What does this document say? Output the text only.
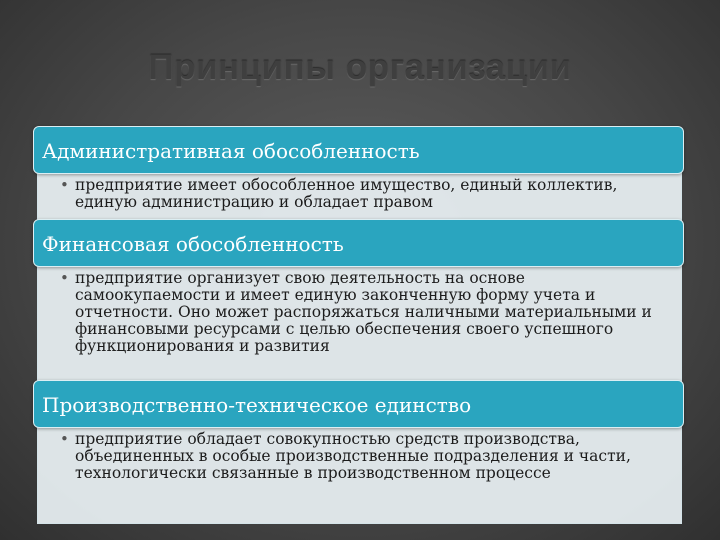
Принципы организации
Административная обособленность
• предприятие имеет обособленное имущество, единый коллектив, единую администрацию и обладает правом

Финансовая обособленность
• предприятие организует свою деятельность на основе самоокупаемости и имеет единую законченную форму учета и отчетности. Оно может распоряжаться наличными материальными и финансовыми ресурсами с целью обеспечения своего успешного функционирования и развития

Производственно-техническое единство
• предприятие обладает совокупностью средств производства, объединенных в особые производственные подразделения и части, технологически связанные в производственном процессе
